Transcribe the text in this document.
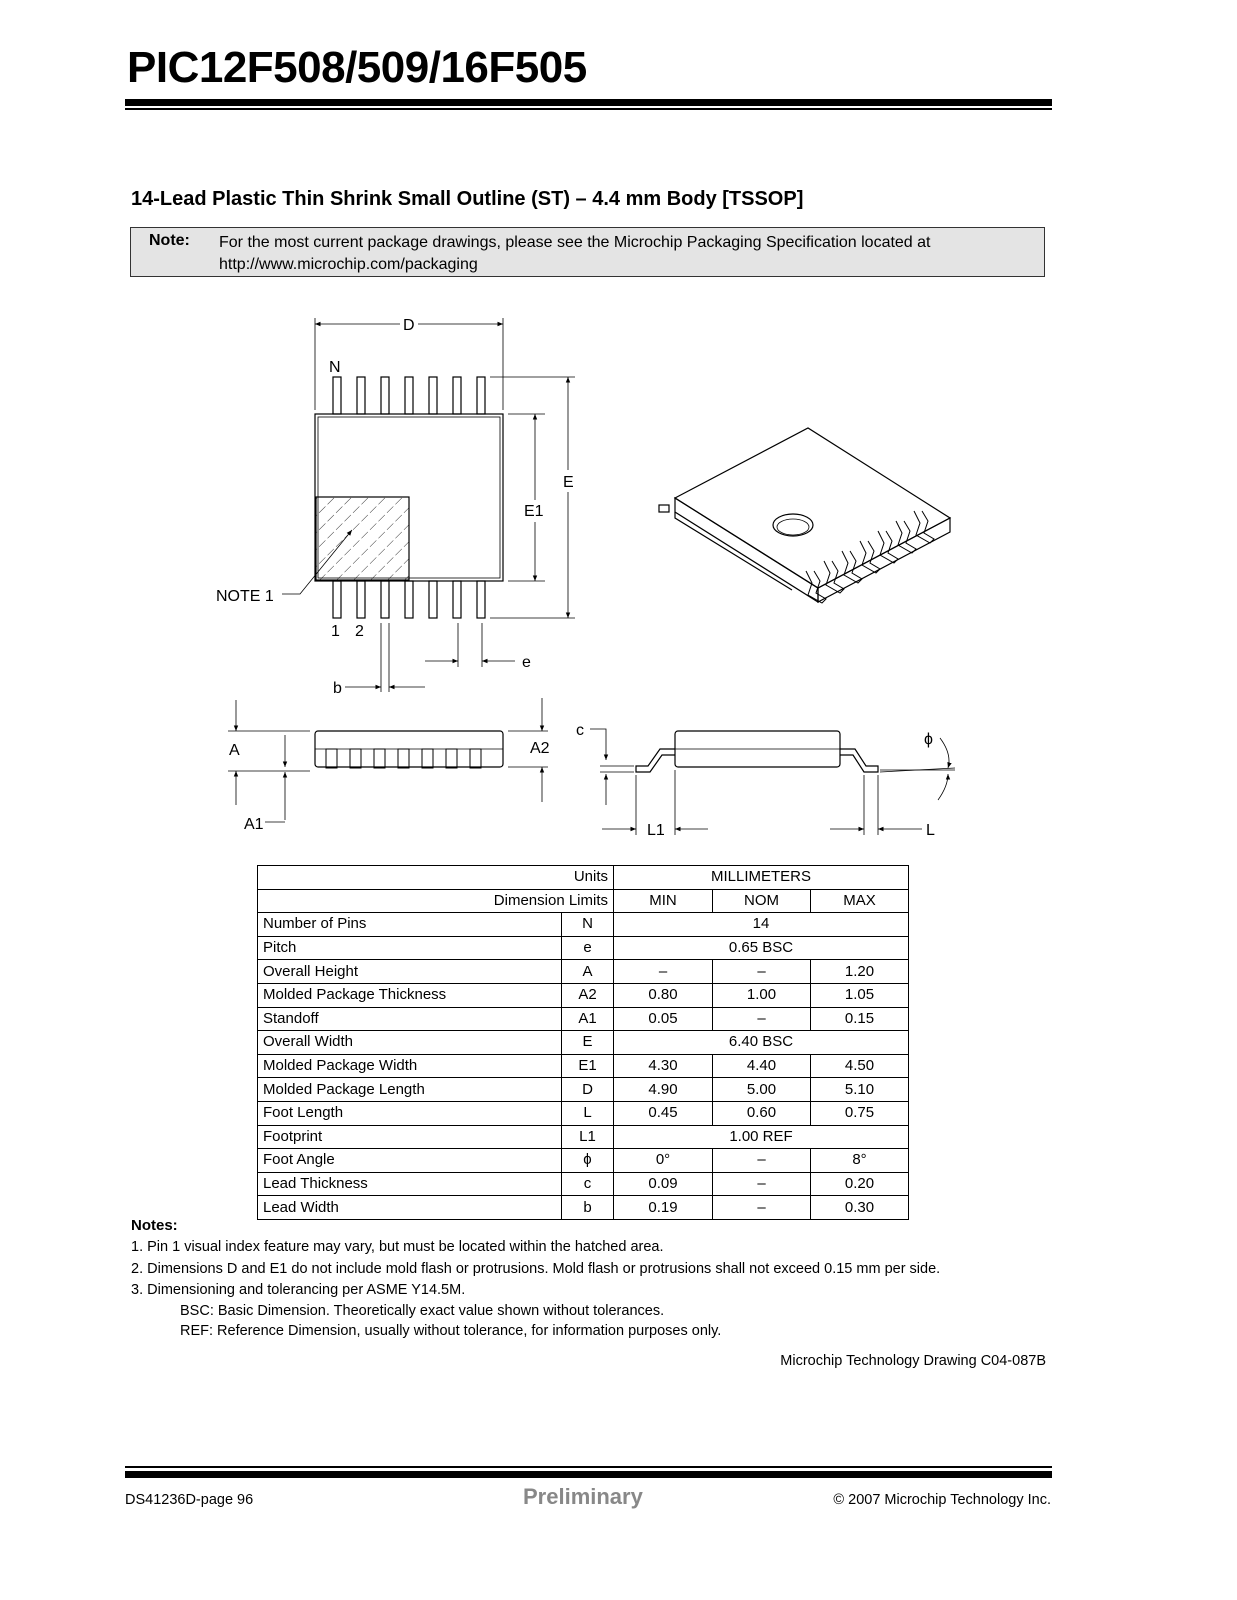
PIC12F508/509/16F505
14-Lead Plastic Thin Shrink Small Outline (ST) – 4.4 mm Body [TSSOP]
Note: For the most current package drawings, please see the Microchip Packaging Specification located at http://www.microchip.com/packaging
D
N
E
E1
NOTE 1
1 2
e
b
A	A2
A1
c
ϕ
L1	L
Units		MILLIMETERS		
Dimension Limits		MIN	NOM	MAX
Number of Pins	N	14		
Pitch	e	0.65 BSC		
Overall Height	A	–	–	1.20
Molded Package Thickness	A2	0.80	1.00	1.05
Standoff	A1	0.05	–	0.15
Overall Width	E	6.40 BSC		
Molded Package Width	E1	4.30	4.40	4.50
Molded Package Length	D	4.90	5.00	5.10
Foot Length	L	0.45	0.60	0.75
Footprint	L1	1.00 REF		
Foot Angle	ϕ	0°	–	8°
Lead Thickness	c	0.09	–	0.20
Lead Width	b	0.19	–	0.30
Notes:
1. Pin 1 visual index feature may vary, but must be located within the hatched area.
2. Dimensions D and E1 do not include mold flash or protrusions. Mold flash or protrusions shall not exceed 0.15 mm per side.
3. Dimensioning and tolerancing per ASME Y14.5M.
BSC: Basic Dimension. Theoretically exact value shown without tolerances.
REF: Reference Dimension, usually without tolerance, for information purposes only.
Microchip Technology Drawing C04-087B
DS41236D-page 96	Preliminary	© 2007 Microchip Technology Inc.
